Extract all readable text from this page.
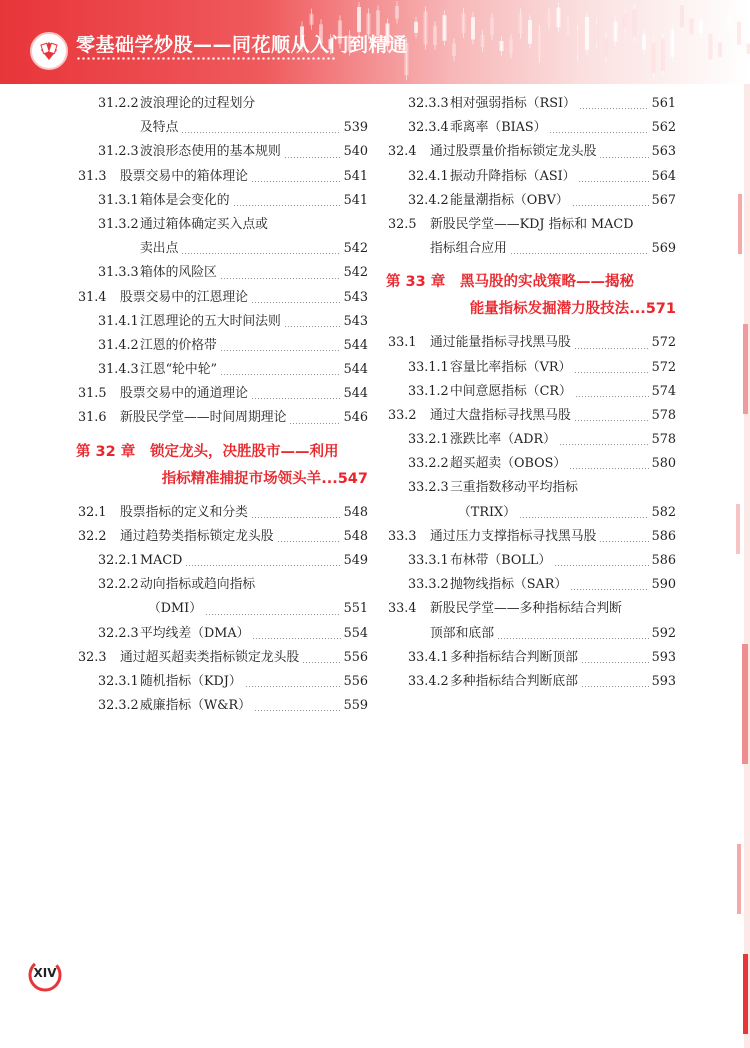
零基础学炒股——同花顺从入门到精通
31.2.2 波浪理论的过程划分
及特点	539
31.2.3 波浪形态使用的基本规则	540
31.3 股票交易中的箱体理论	541
31.3.1 箱体是会变化的	541
31.3.2 通过箱体确定买入点或
卖出点	542
31.3.3 箱体的风险区	542
31.4 股票交易中的江恩理论	543
31.4.1 江恩理论的五大时间法则	543
31.4.2 江恩的价格带	544
31.4.3 江恩“轮中轮”	544
31.5 股票交易中的通道理论	544
31.6 新股民学堂——时间周期理论	546
第 32 章 锁定龙头，决胜股市——利用
指标精准捕捉市场领头羊...547
32.1 股票指标的定义和分类	548
32.2 通过趋势类指标锁定龙头股	548
32.2.1 MACD	549
32.2.2 动向指标或趋向指标
（DMI）	551
32.2.3 平均线差（DMA）	554
32.3 通过超买超卖类指标锁定龙头股	556
32.3.1 随机指标（KDJ）	556
32.3.2 威廉指标（W&R）	559
32.3.3 相对强弱指标（RSI）	561
32.3.4 乖离率（BIAS）	562
32.4 通过股票量价指标锁定龙头股	563
32.4.1 振动升降指标（ASI）	564
32.4.2 能量潮指标（OBV）	567
32.5 新股民学堂——KDJ 指标和 MACD
指标组合应用	569
第 33 章 黑马股的实战策略——揭秘
能量指标发掘潜力股技法...571
33.1 通过能量指标寻找黑马股	572
33.1.1 容量比率指标（VR）	572
33.1.2 中间意愿指标（CR）	574
33.2 通过大盘指标寻找黑马股	578
33.2.1 涨跌比率（ADR）	578
33.2.2 超买超卖（OBOS）	580
33.2.3 三重指数移动平均指标
（TRIX）	582
33.3 通过压力支撑指标寻找黑马股	586
33.3.1 布林带（BOLL）	586
33.3.2 抛物线指标（SAR）	590
33.4 新股民学堂——多种指标结合判断
顶部和底部	592
33.4.1 多种指标结合判断顶部	593
33.4.2 多种指标结合判断底部	593
XIV
